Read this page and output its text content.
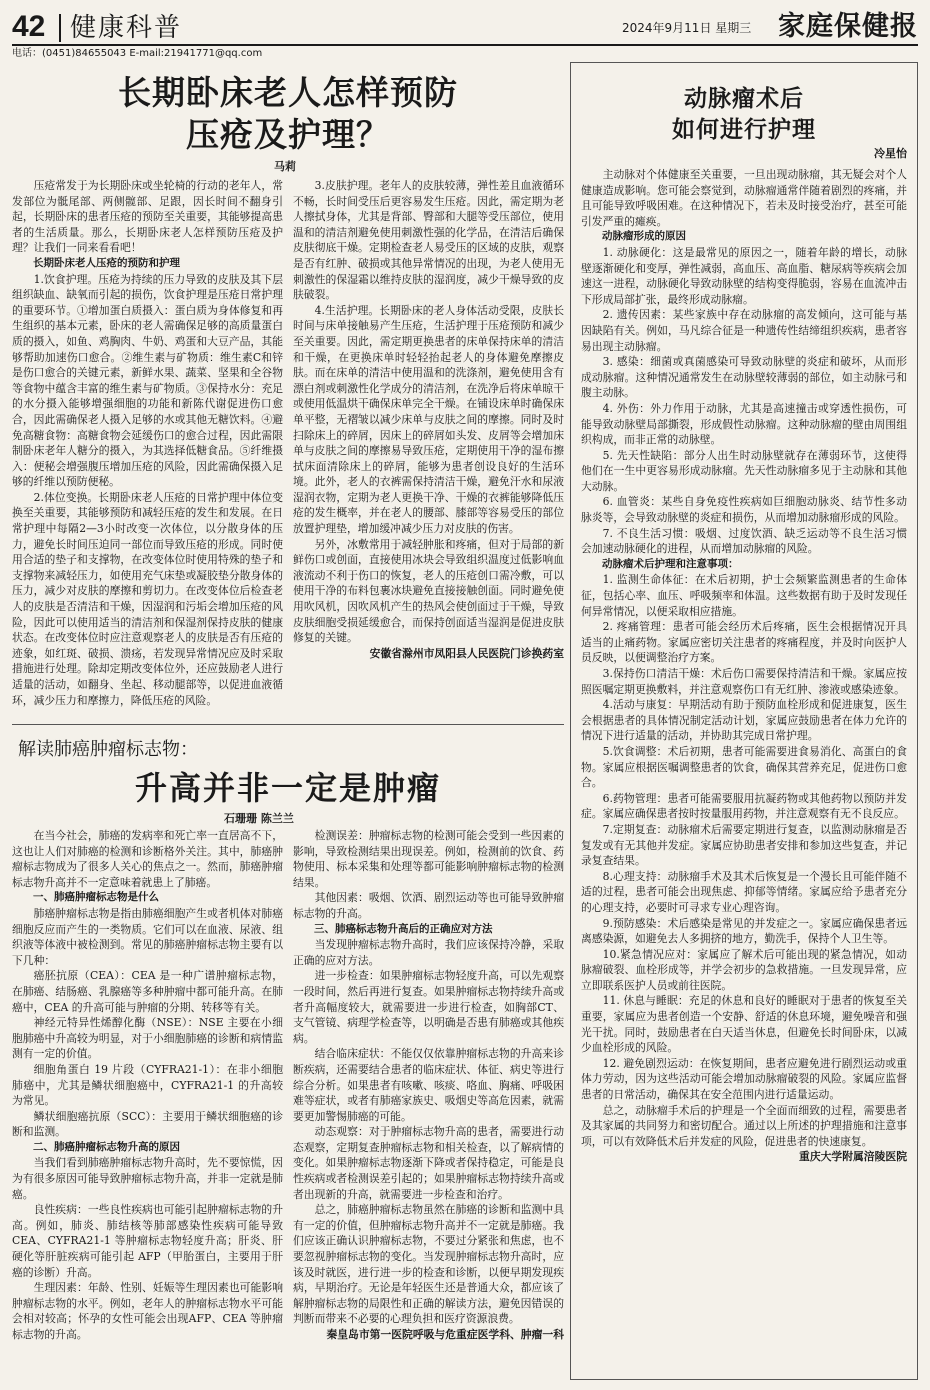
42 健康科普	2024年9月11日 星期三 家庭保健报
电话：(0451)84655043 E-mail:21941771@qq.com
长期卧床老人怎样预防
压疮及护理？
马莉

压疮常发于为长期卧床或坐轮椅的行动的老年人，常发部位为骶尾部、两侧髋部、足跟，因长时间不翻身引起，长期卧床的患者压疮的预防至关重要，其能够提高患者的生活质量。那么，长期卧床老人怎样预防压疮及护理？让我们一同来看看吧！

长期卧床老人压疮的预防和护理

1.饮食护理。压疮为持续的压力导致的皮肤及其下层组织缺血、缺氧而引起的损伤，饮食护理是压疮日常护理的重要环节。①增加蛋白质摄入：蛋白质为身体修复和再生组织的基本元素，卧床的老人需确保足够的高质量蛋白质的摄入，如鱼、鸡胸肉、牛奶、鸡蛋和大豆产品，其能够帮助加速伤口愈合。②维生素与矿物质：维生素C和锌是伤口愈合的关键元素，新鲜水果、蔬菜、坚果和全谷物等食物中蕴含丰富的维生素与矿物质。③保持水分：充足的水分摄入能够增强细胞的功能和新陈代谢促进伤口愈合，因此需确保老人摄入足够的水或其他无糖饮料。④避免高糖食物：高糖食物会延缓伤口的愈合过程，因此需限制卧床老年人糖分的摄入，为其选择低糖食品。⑤纤维摄入：便秘会增强腹压增加压疮的风险，因此需确保摄入足够的纤维以预防便秘。

2.体位变换。长期卧床老人压疮的日常护理中体位变换至关重要，其能够预防和减轻压疮的发生和发展。在日常护理中每隔2—3小时改变一次体位，以分散身体的压力，避免长时间压迫同一部位而导致压疮的形成。同时使用合适的垫子和支撑物，在改变体位时使用特殊的垫子和支撑物来减轻压力，如使用充气床垫或凝胶垫分散身体的压力，减少对皮肤的摩擦和剪切力。在改变体位后检查老人的皮肤是否清洁和干燥，因湿润和污垢会增加压疮的风险，因此可以使用适当的清洁剂和保湿剂保持皮肤的健康状态。在改变体位时应注意观察老人的皮肤是否有压疮的迹象，如红斑、破损、溃疡，若发现异常情况应及时采取措施进行处理。除却定期改变体位外，还应鼓励老人进行适量的活动，如翻身、坐起、移动腿部等，以促进血液循环，减少压力和摩擦力，降低压疮的风险。

3.皮肤护理。老年人的皮肤较薄，弹性差且血液循环不畅，长时间受压后更容易发生压疮。因此，需定期为老人擦拭身体，尤其是背部、臀部和大腿等受压部位，使用温和的清洁剂避免使用刺激性强的化学品，在清洁后确保皮肤彻底干燥。定期检查老人易受压的区域的皮肤，观察是否有红肿、破损或其他异常情况的出现，为老人使用无刺激性的保湿霜以维持皮肤的湿润度，减少干燥导致的皮肤破裂。

4.生活护理。长期卧床的老人身体活动受限，皮肤长时间与床单接触易产生压疮，生活护理于压疮预防和减少至关重要。因此，需定期更换患者的床单保持床单的清洁和干燥，在更换床单时轻轻抬起老人的身体避免摩擦皮肤。而在床单的清洁中使用温和的洗涤剂，避免使用含有漂白剂或刺激性化学成分的清洁剂，在洗净后将床单晾干或使用低温烘干确保床单完全干燥。在铺设床单时确保床单平整，无褶皱以减少床单与皮肤之间的摩擦。同时及时扫除床上的碎屑，因床上的碎屑如头发、皮屑等会增加床单与皮肤之间的摩擦易导致压疮，定期使用干净的湿布擦拭床面清除床上的碎屑，能够为患者创设良好的生活环境。此外，老人的衣裤需保持清洁干燥，避免汗水和尿液湿润衣物，定期为老人更换干净、干燥的衣裤能够降低压疮的发生概率，并在老人的腰部、膝部等容易受压的部位放置护理垫，增加缓冲减少压力对皮肤的伤害。

另外，冰敷常用于减轻肿胀和疼痛，但对于局部的新鲜伤口或创面，直接使用冰块会导致组织温度过低影响血液流动不利于伤口的恢复，老人的压疮创口需冷敷，可以使用干净的布料包裹冰块避免直接接触创面。同时避免使用吹风机，因吹风机产生的热风会使创面过于干燥，导致皮肤细胞受损延缓愈合，而保持创面适当湿润是促进皮肤修复的关键。

安徽省滁州市凤阳县人民医院门诊换药室

解读肺癌肿瘤标志物：
升高并非一定是肿瘤
石珊珊 陈兰兰

在当今社会，肺癌的发病率和死亡率一直居高不下，这也让人们对肺癌的检测和诊断格外关注。其中，肺癌肿瘤标志物成为了很多人关心的焦点之一。然而，肺癌肿瘤标志物升高并不一定意味着就患上了肺癌。

一、肺癌肿瘤标志物是什么

肺癌肿瘤标志物是指由肺癌细胞产生或者机体对肺癌细胞反应而产生的一类物质。它们可以在血液、尿液、组织液等体液中被检测到。常见的肺癌肿瘤标志物主要有以下几种：

癌胚抗原（CEA）：CEA 是一种广谱肿瘤标志物，在肺癌、结肠癌、乳腺癌等多种肿瘤中都可能升高。在肺癌中，CEA 的升高可能与肿瘤的分期、转移等有关。

神经元特异性烯醇化酶（NSE）：NSE 主要在小细胞肺癌中升高较为明显，对于小细胞肺癌的诊断和病情监测有一定的价值。

细胞角蛋白 19 片段（CYFRA21-1）：在非小细胞肺癌中，尤其是鳞状细胞癌中，CYFRA21-1 的升高较为常见。

鳞状细胞癌抗原（SCC）：主要用于鳞状细胞癌的诊断和监测。

二、肺癌肿瘤标志物升高的原因

当我们看到肺癌肿瘤标志物升高时，先不要惊慌，因为有很多原因可能导致肿瘤标志物升高，并非一定就是肺癌。

良性疾病：一些良性疾病也可能引起肿瘤标志物的升高。例如，肺炎、肺结核等肺部感染性疾病可能导致 CEA、CYFRA21-1 等肿瘤标志物轻度升高；肝炎、肝硬化等肝脏疾病可能引起 AFP（甲胎蛋白，主要用于肝癌的诊断）升高。

生理因素：年龄、性别、妊娠等生理因素也可能影响肿瘤标志物的水平。例如，老年人的肿瘤标志物水平可能会相对较高；怀孕的女性可能会出现AFP、CEA 等肿瘤标志物的升高。

检测误差：肿瘤标志物的检测可能会受到一些因素的影响，导致检测结果出现误差。例如，检测前的饮食、药物使用、标本采集和处理等都可能影响肿瘤标志物的检测结果。

其他因素：吸烟、饮酒、剧烈运动等也可能导致肿瘤标志物的升高。

三、肺癌标志物升高后的正确应对方法

当发现肿瘤标志物升高时，我们应该保持冷静，采取正确的应对方法。

进一步检查：如果肿瘤标志物轻度升高，可以先观察一段时间，然后再进行复查。如果肿瘤标志物持续升高或者升高幅度较大，就需要进一步进行检查，如胸部CT、支气管镜、病理学检查等，以明确是否患有肺癌或其他疾病。

结合临床症状：不能仅仅依靠肿瘤标志物的升高来诊断疾病，还需要结合患者的临床症状、体征、病史等进行综合分析。如果患者有咳嗽、咳痰、咯血、胸痛、呼吸困难等症状，或者有肺癌家族史、吸烟史等高危因素，就需要更加警惕肺癌的可能。

动态观察：对于肿瘤标志物升高的患者，需要进行动态观察，定期复查肿瘤标志物和相关检查，以了解病情的变化。如果肿瘤标志物逐渐下降或者保持稳定，可能是良性疾病或者检测误差引起的；如果肿瘤标志物持续升高或者出现新的升高，就需要进一步检查和治疗。

总之，肺癌肿瘤标志物虽然在肺癌的诊断和监测中具有一定的价值，但肿瘤标志物升高并不一定就是肺癌。我们应该正确认识肿瘤标志物，不要过分紧张和焦虑，也不要忽视肿瘤标志物的变化。当发现肿瘤标志物升高时，应该及时就医，进行进一步的检查和诊断，以便早期发现疾病，早期治疗。无论是年轻医生还是普通大众，都应该了解肿瘤标志物的局限性和正确的解读方法，避免因错误的判断而带来不必要的心理负担和医疗资源浪费。

秦皇岛市第一医院呼吸与危重症医学科、肿瘤一科

动脉瘤术后
如何进行护理
冷星怡

主动脉对个体健康至关重要，一旦出现动脉瘤，其无疑会对个人健康造成影响。您可能会察觉到，动脉瘤通常伴随着剧烈的疼痛，并且可能导致呼吸困难。在这种情况下，若未及时接受治疗，甚至可能引发严重的瘫痪。

动脉瘤形成的原因

1. 动脉硬化：这是最常见的原因之一，随着年龄的增长，动脉壁逐渐硬化和变厚，弹性减弱，高血压、高血脂、糖尿病等疾病会加速这一进程，动脉硬化导致动脉壁的结构变得脆弱，容易在血流冲击下形成局部扩张，最终形成动脉瘤。

2. 遗传因素：某些家族中存在动脉瘤的高发倾向，这可能与基因缺陷有关。例如，马凡综合征是一种遗传性结缔组织疾病，患者容易出现主动脉瘤。

3. 感染：细菌或真菌感染可导致动脉壁的炎症和破坏，从而形成动脉瘤。这种情况通常发生在动脉壁较薄弱的部位，如主动脉弓和腹主动脉。

4. 外伤：外力作用于动脉，尤其是高速撞击或穿透性损伤，可能导致动脉壁局部撕裂，形成假性动脉瘤。这种动脉瘤的壁由周围组织构成，而非正常的动脉壁。

5. 先天性缺陷：部分人出生时动脉壁就存在薄弱环节，这使得他们在一生中更容易形成动脉瘤。先天性动脉瘤多见于主动脉和其他大动脉。

6. 血管炎：某些自身免疫性疾病如巨细胞动脉炎、结节性多动脉炎等，会导致动脉壁的炎症和损伤，从而增加动脉瘤形成的风险。

7. 不良生活习惯：吸烟、过度饮酒、缺乏运动等不良生活习惯会加速动脉硬化的进程，从而增加动脉瘤的风险。

动脉瘤术后护理和注意事项：

1. 监测生命体征：在术后初期，护士会频繁监测患者的生命体征，包括心率、血压、呼吸频率和体温。这些数据有助于及时发现任何异常情况，以便采取相应措施。

2. 疼痛管理：患者可能会经历术后疼痛，医生会根据情况开具适当的止痛药物。家属应密切关注患者的疼痛程度，并及时向医护人员反映，以便调整治疗方案。

3.保持伤口清洁干燥：术后伤口需要保持清洁和干燥。家属应按照医嘱定期更换敷料，并注意观察伤口有无红肿、渗液或感染迹象。

4.活动与康复：早期活动有助于预防血栓形成和促进康复，医生会根据患者的具体情况制定活动计划，家属应鼓励患者在体力允许的情况下进行适量的活动，并协助其完成日常护理。

5.饮食调整：术后初期，患者可能需要进食易消化、高蛋白的食物。家属应根据医嘱调整患者的饮食，确保其营养充足，促进伤口愈合。

6.药物管理：患者可能需要服用抗凝药物或其他药物以预防并发症。家属应确保患者按时按量服用药物，并注意观察有无不良反应。

7.定期复查：动脉瘤术后需要定期进行复查，以监测动脉瘤是否复发或有无其他并发症。家属应协助患者安排和参加这些复查，并记录复查结果。

8.心理支持：动脉瘤手术及其术后恢复是一个漫长且可能伴随不适的过程，患者可能会出现焦虑、抑郁等情绪。家属应给予患者充分的心理支持，必要时可寻求专业心理咨询。

9.预防感染：术后感染是常见的并发症之一。家属应确保患者远离感染源，如避免去人多拥挤的地方，勤洗手，保持个人卫生等。

10.紧急情况应对：家属应了解术后可能出现的紧急情况，如动脉瘤破裂、血栓形成等，并学会初步的急救措施。一旦发现异常，应立即联系医护人员或前往医院。

11. 休息与睡眠：充足的休息和良好的睡眠对于患者的恢复至关重要，家属应为患者创造一个安静、舒适的休息环境，避免噪音和强光干扰。同时，鼓励患者在白天适当休息，但避免长时间卧床，以减少血栓形成的风险。

12. 避免剧烈运动：在恢复期间，患者应避免进行剧烈运动或重体力劳动，因为这些活动可能会增加动脉瘤破裂的风险。家属应监督患者的日常活动，确保其在安全范围内进行适量运动。

总之，动脉瘤手术后的护理是一个全面而细致的过程，需要患者及其家属的共同努力和密切配合。通过以上所述的护理措施和注意事项，可以有效降低术后并发症的风险，促进患者的快速康复。

重庆大学附属涪陵医院
